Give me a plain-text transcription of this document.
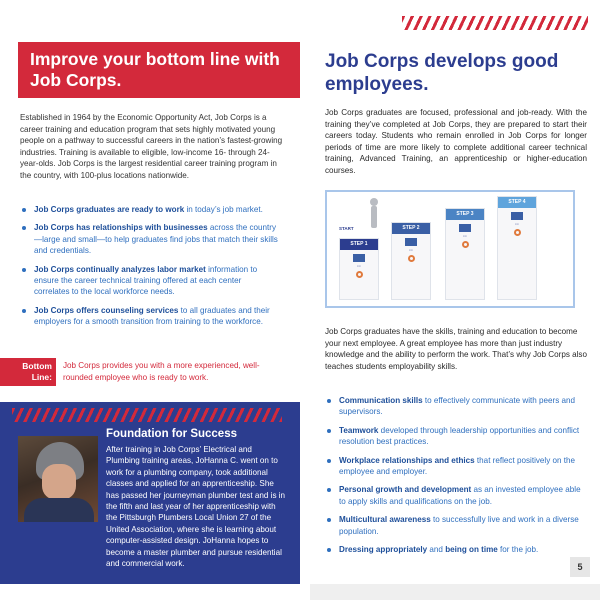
Improve your bottom line with Job Corps.

Established in 1964 by the Economic Opportunity Act, Job Corps is a career training and education program that sets highly motivated young people on a pathway to successful careers in the nation’s fastest-growing industries. Training is available to eligible, low-income 16- through 24-year-olds. Job Corps is the largest residential career training program in the country, with 100-plus locations nationwide.

Job Corps graduates are ready to work in today’s job market.
Job Corps has relationships with businesses across the country—large and small—to help graduates find jobs that match their skills and credentials.
Job Corps continually analyzes labor market information to ensure the career technical training offered at each center correlates to the local workforce needs.
Job Corps offers counseling services to all graduates and their employers for a smooth transition from training to the workforce.
Bottom Line:

Job Corps provides you with a more experienced, well-rounded employee who is ready to work.

Foundation for Success

After training in Job Corps’ Electrical and Plumbing training areas, JoHanna C. went on to work for a plumbing company, took additional classes and applied for an apprenticeship. She has passed her journeyman plumber test and is in the fifth and last year of her apprenticeship with the Pittsburgh Plumbers Local Union 27 of the United Association, where she is learning about computer-assisted design. JoHanna hopes to become a master plumber and pursue residential and commercial work.

Job Corps develops good employees.

Job Corps graduates are focused, professional and job-ready. With the training they’ve completed at Job Corps, they are prepared to start their careers today. Students who remain enrolled in Job Corps for longer periods of time are more likely to complete additional career technical training, Advanced Training, an apprenticeship or higher-education courses.

START
STEP 1
▪ ▪
STEP 2
▪ ▪
STEP 3
▪ ▪
STEP 4
▪ ▪

Job Corps graduates have the skills, training and education to become your next employee. A great employee has more than just industry knowledge and the ability to perform the work. That’s why Job Corps also teaches students employability skills.

Communication skills to effectively communicate with peers and supervisors.
Teamwork developed through leadership opportunities and conflict resolution best practices.
Workplace relationships and ethics that reflect positively on the employee and employer.
Personal growth and development as an invested employee able to apply skills and qualifications on the job.
Multicultural awareness to successfully live and work in a diverse population.
Dressing appropriately and being on time for the job.
5
